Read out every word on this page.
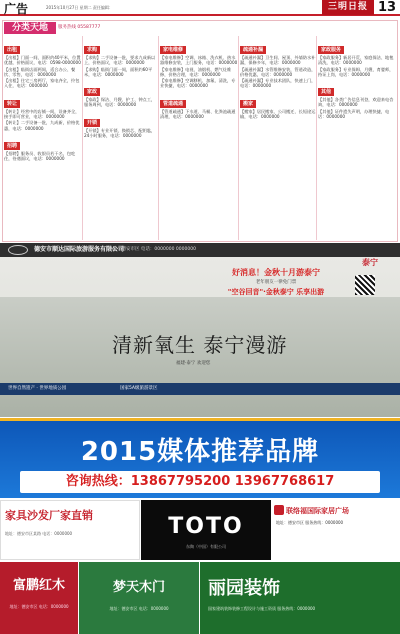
广告	2015年10月27日 星期二 责任编辑：	三明日报 13
分类天地	服务热线 05587777
出租
【出租】门面一间，面积约40平米，位置优越，价格面议，电话：0598-0000000
【出租】临街店面两间，适合办公、餐饮、零售，电话：0000000
【出租】住宅三房两厅，家电齐全，拎包入住，电话：0000000
转让
【转让】经营中的店铺一间，设备齐全，接手即可营业，电话：0000000
【转让】二手设备一批，九成新，价格优惠，电话：0000000
招聘
【招聘】服务员、收银员若干名，包吃住，待遇面议，电话：0000000
求购
【求购】二手设备一批，要求九成新以上，价格面议，电话：0000000
【求购】临街门面一间，面积约60平米，电话：0000000
家政
【家政】保洁、月嫂、护工、钟点工，服务周到，电话：0000000
开锁
【开锁】专业开锁、换锁芯、配钥匙，24小时服务，电话：0000000
家电维修
【家电维修】空调、冰箱、洗衣机、热水器维修安装，上门服务，电话：0000000
【家电维修】电视、油烟机、燃气灶维修，价格合理，电话：0000000
【家电维修】空调移机、加氟、清洗，专业快捷，电话：0000000
管道疏通
【管道疏通】下水道、马桶、化粪池疏通清理，电话：0000000
疏通补漏
【疏通补漏】卫生间、屋顶、外墙防水补漏，保修多年，电话：0000000
【疏通补漏】水管维修安装，管道改造，价格优惠，电话：0000000
【疏通补漏】专业技术团队，快速上门，电话：0000000
搬家
【搬家】居民搬家、公司搬迁、长短途运输，电话：0000000
家政服务
【家政服务】新居开荒、家庭保洁、地毯清洗，电话：0000000
【家政服务】专业保姆、月嫂、育婴师，持证上岗，电话：0000000
其他
【其他】各类广告信息刊登，欢迎来电咨询，电话：0000000
【其他】证件遗失声明，办理快捷，电话：0000000
德安市顺达国际旅游服务有限公司
地址：德安市区 电话：0000000 0000000
好消息！金秋十月游泰宁
老年朋友一律免门票
"空谷回音"·金秋泰宁 乐享出游
泰宁
清新氧生 泰宁漫游
福建·泰宁 欢迎您
世界自然遗产 · 世界地质公园	国家5A级旅游景区
2015媒体推荐品牌
咨询热线：13867795200 13967768617
家具沙发厂家直销
地址：德安市区某路 电话：0000000	TOTO
东陶（中国）有限公司
联络福国际家居广场
地址：德安市区 服务热线：0000000
富鹏红木
地址：德安市区 电话：0000000
梦天木门
地址：德安市区 电话：0000000
丽园装饰
国家建筑装饰装修工程设计与施工资质 服务热线：0000000
